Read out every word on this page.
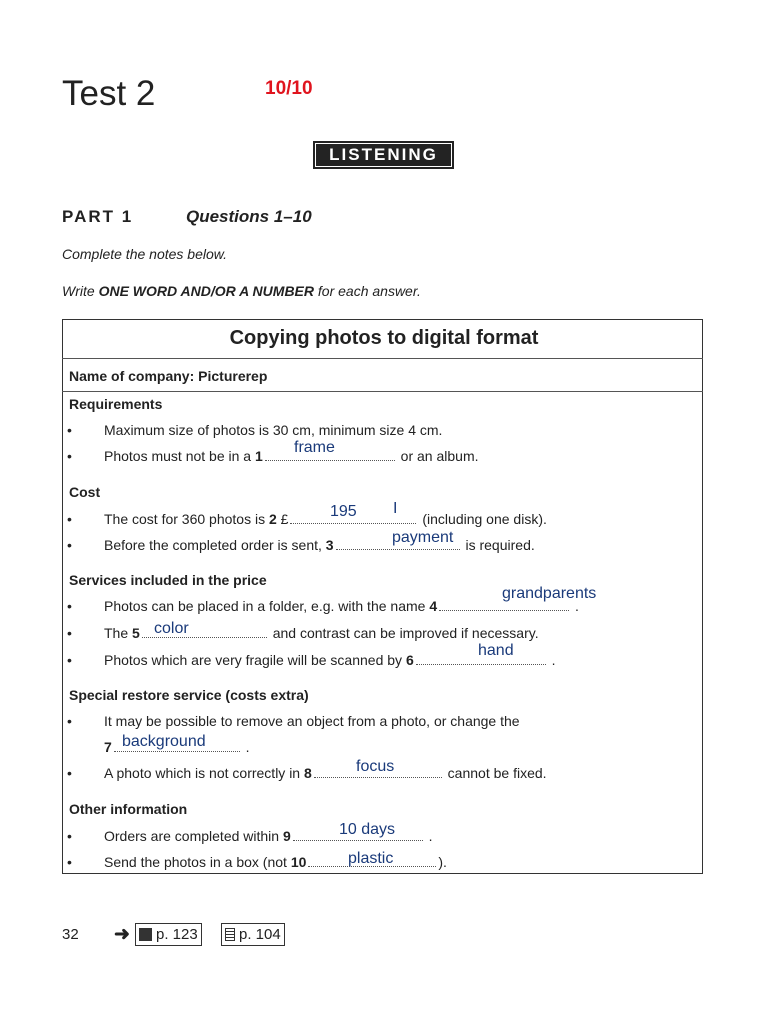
Test 2	10/10
LISTENING
PART 1	Questions 1–10
Complete the notes below.
Write ONE WORD AND/OR A NUMBER for each answer.
Copying photos to digital format
Name of company: Picturerep
Requirements
• Maximum size of photos is 30 cm, minimum size 4 cm.
• Photos must not be in a 1	or an album.
frame
Cost
• The cost for 360 photos is 2 £	(including one disk).
195 I
• Before the completed order is sent, 3	is required.
payment
Services included in the price
• Photos can be placed in a folder, e.g. with the name 4	.
grandparents
• The 5	and contrast can be improved if necessary.
color
• Photos which are very fragile will be scanned by 6	.
hand
Special restore service (costs extra)
• It may be possible to remove an object from a photo, or change the
7	.
background
• A photo which is not correctly in 8	cannot be fixed.
focus
Other information
• Orders are completed within 9	.
10 days
• Send the photos in a box (not 10	).
plastic
32 ➜	p. 123	p. 104
